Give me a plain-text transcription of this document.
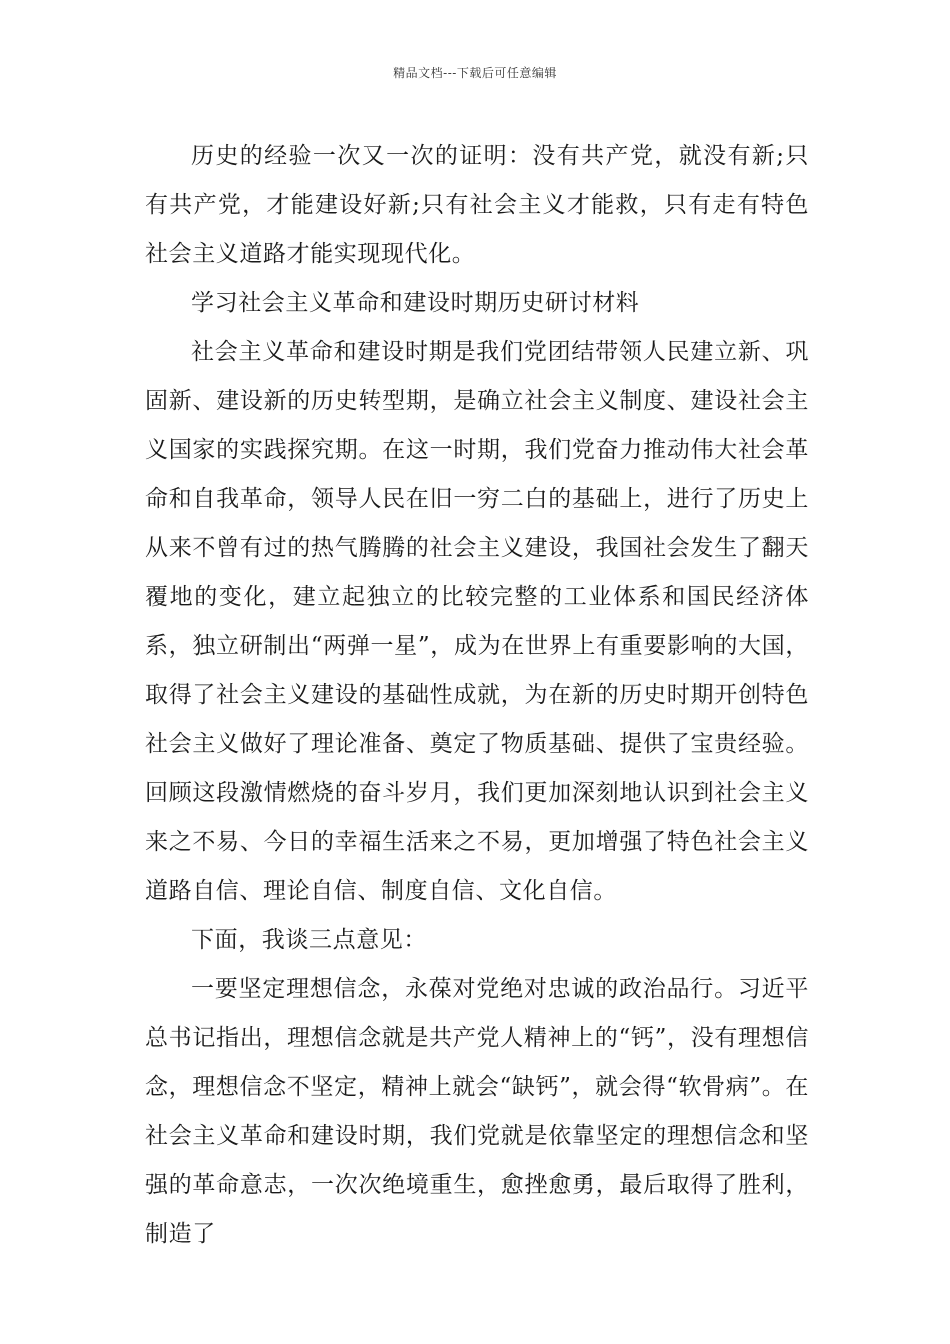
精品文档---下载后可任意编辑

历史的经验一次又一次的证明：没有共产党，就没有新;只有共产党，才能建设好新;只有社会主义才能救，只有走有特色社会主义道路才能实现现代化。

学习社会主义革命和建设时期历史研讨材料

社会主义革命和建设时期是我们党团结带领人民建立新、巩固新、建设新的历史转型期，是确立社会主义制度、建设社会主义国家的实践探究期。在这一时期，我们党奋力推动伟大社会革命和自我革命，领导人民在旧一穷二白的基础上，进行了历史上从来不曾有过的热气腾腾的社会主义建设，我国社会发生了翻天覆地的变化，建立起独立的比较完整的工业体系和国民经济体系，独立研制出“两弹一星”，成为在世界上有重要影响的大国，取得了社会主义建设的基础性成就，为在新的历史时期开创特色社会主义做好了理论准备、奠定了物质基础、提供了宝贵经验。回顾这段激情燃烧的奋斗岁月，我们更加深刻地认识到社会主义来之不易、今日的幸福生活来之不易，更加增强了特色社会主义道路自信、理论自信、制度自信、文化自信。

下面，我谈三点意见：

一要坚定理想信念，永葆对党绝对忠诚的政治品行。习近平总书记指出，理想信念就是共产党人精神上的“钙”，没有理想信念，理想信念不坚定，精神上就会“缺钙”，就会得“软骨病”。在社会主义革命和建设时期，我们党就是依靠坚定的理想信念和坚强的革命意志，一次次绝境重生，愈挫愈勇，最后取得了胜利，制造了
